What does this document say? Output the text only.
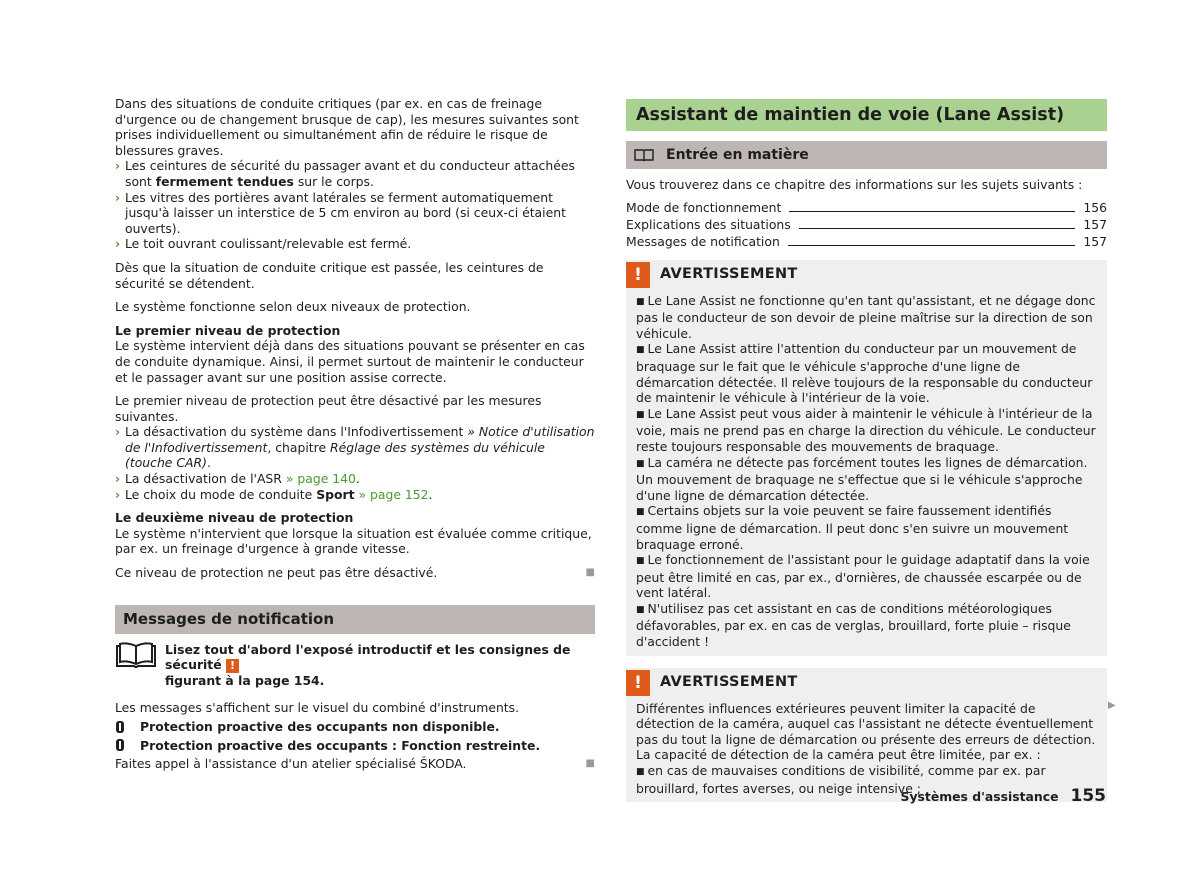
Dans des situations de conduite critiques (par ex. en cas de freinage d'urgence ou de changement brusque de cap), les mesures suivantes sont prises individuellement ou simultanément afin de réduire le risque de blessures graves.

› Les ceintures de sécurité du passager avant et du conducteur attachées sont fermement tendues sur le corps.
› Les vitres des portières avant latérales se ferment automatiquement jusqu'à laisser un interstice de 5 cm environ au bord (si ceux-ci étaient ouverts).
› Le toit ouvrant coulissant/relevable est fermé.

Dès que la situation de conduite critique est passée, les ceintures de sécurité se détendent.

Le système fonctionne selon deux niveaux de protection.

Le premier niveau de protection

Le système intervient déjà dans des situations pouvant se présenter en cas de conduite dynamique. Ainsi, il permet surtout de maintenir le conducteur et le passager avant sur une position assise correcte.

Le premier niveau de protection peut être désactivé par les mesures suivantes.

› La désactivation du système dans l'Infodivertissement » Notice d'utilisation de l'Infodivertissement, chapitre Réglage des systèmes du véhicule (touche CAR).
› La désactivation de l'ASR » page 140.
› Le choix du mode de conduite Sport » page 152.

Le deuxième niveau de protection

Le système n'intervient que lorsque la situation est évaluée comme critique, par ex. un freinage d'urgence à grande vitesse.

Ce niveau de protection ne peut pas être désactivé.	■

Messages de notification
Lisez tout d'abord l'exposé introductif et les consignes de sécurité !
figurant à la page 154.

Les messages s'affichent sur le visuel du combiné d'instruments.

Protection proactive des occupants non disponible.
Protection proactive des occupants : Fonction restreinte.

Faites appel à l'assistance d'un atelier spécialisé ŠKODA.	■

Assistant de maintien de voie (Lane Assist)
Entrée en matière

Vous trouverez dans ce chapitre des informations sur les sujets suivants :

Mode de fonctionnement	156
Explications des situations	157
Messages de notification	157
!	AVERTISSEMENT

■ Le Lane Assist ne fonctionne qu'en tant qu'assistant, et ne dégage donc pas le conducteur de son devoir de pleine maîtrise sur la direction de son véhicule.

■ Le Lane Assist attire l'attention du conducteur par un mouvement de braquage sur le fait que le véhicule s'approche d'une ligne de démarcation détectée. Il relève toujours de la responsable du conducteur de maintenir le véhicule à l'intérieur de la voie.

■ Le Lane Assist peut vous aider à maintenir le véhicule à l'intérieur de la voie, mais ne prend pas en charge la direction du véhicule. Le conducteur reste toujours responsable des mouvements de braquage.

■ La caméra ne détecte pas forcément toutes les lignes de démarcation. Un mouvement de braquage ne s'effectue que si le véhicule s'approche d'une ligne de démarcation détectée.

■ Certains objets sur la voie peuvent se faire faussement identifiés comme ligne de démarcation. Il peut donc s'en suivre un mouvement braquage erroné.

■ Le fonctionnement de l'assistant pour le guidage adaptatif dans la voie peut être limité en cas, par ex., d'ornières, de chaussée escarpée ou de vent latéral.

■ N'utilisez pas cet assistant en cas de conditions météorologiques défavorables, par ex. en cas de verglas, brouillard, forte pluie – risque d'accident !

!	AVERTISSEMENT

Différentes influences extérieures peuvent limiter la capacité de détection de la caméra, auquel cas l'assistant ne détecte éventuellement pas du tout la ligne de démarcation ou présente des erreurs de détection. La capacité de détection de la caméra peut être limitée, par ex. :

■ en cas de mauvaises conditions de visibilité, comme par ex. par brouillard, fortes averses, ou neige intensive ;

▶
Systèmes d'assistance 155
